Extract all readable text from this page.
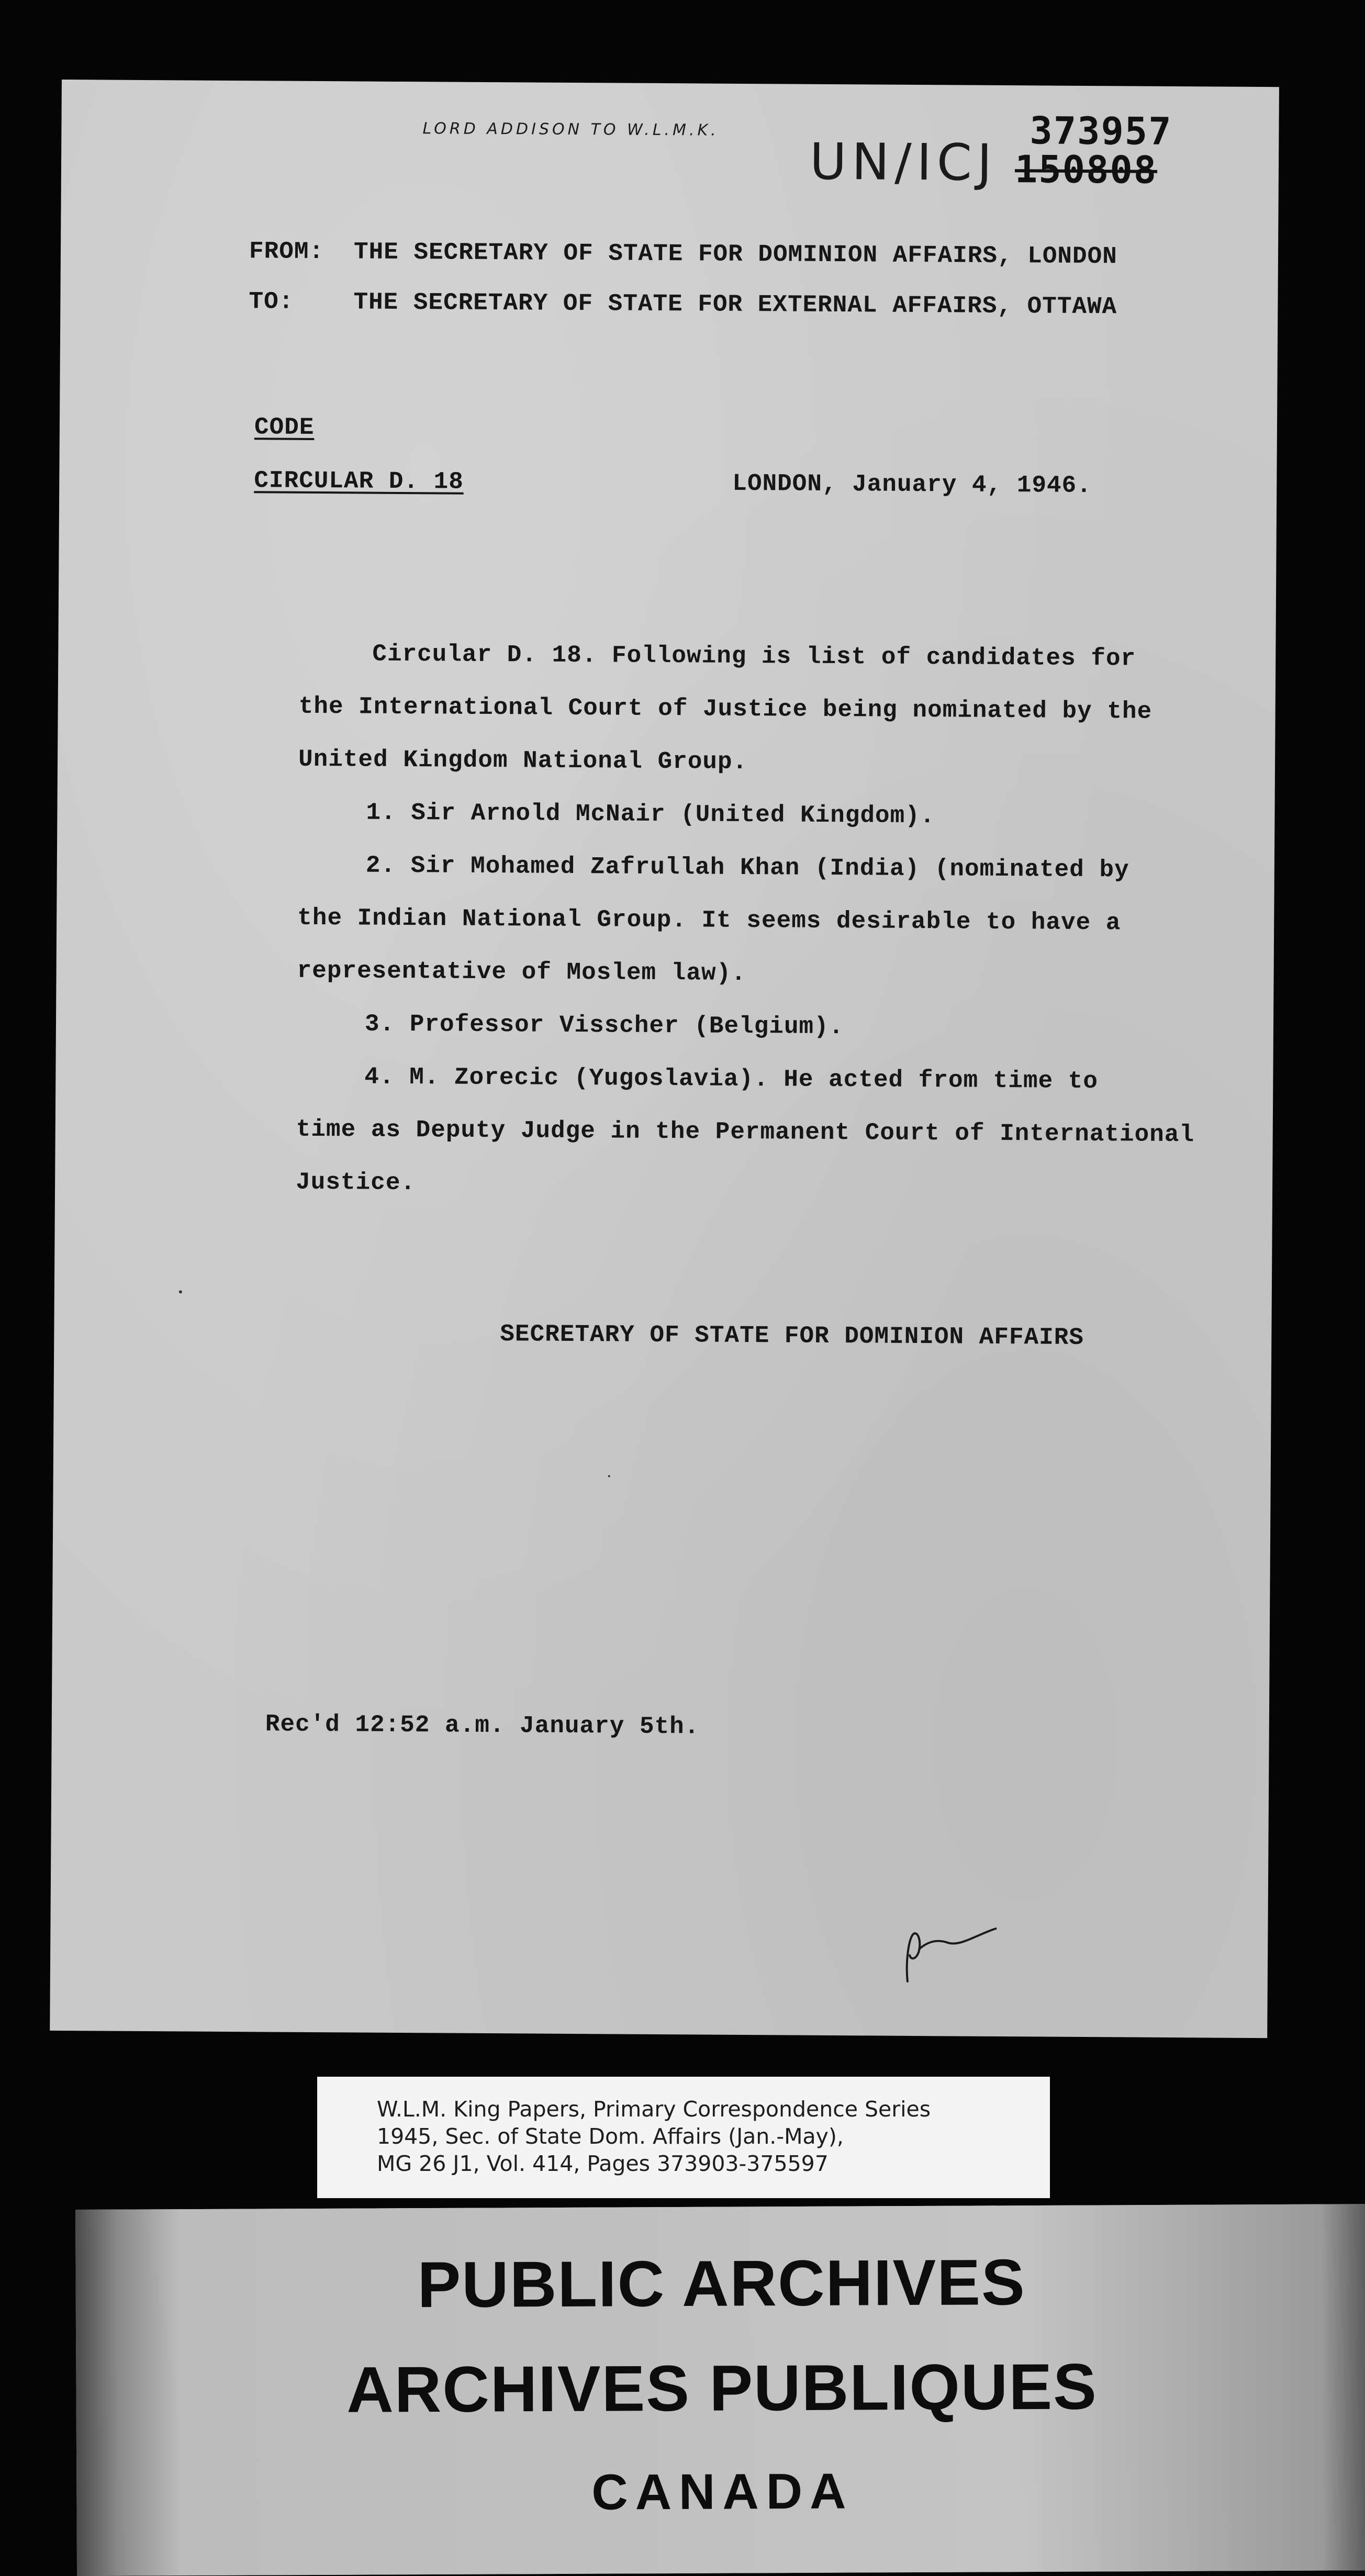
LORD ADDISON TO W.L.M.K.
UN/ICJ
373957
150808
FROM: THE SECRETARY OF STATE FOR DOMINION AFFAIRS, LONDON
TO: THE SECRETARY OF STATE FOR EXTERNAL AFFAIRS, OTTAWA
CODE
CIRCULAR D. 18	LONDON, January 4, 1946.
Circular D. 18. Following is list of candidates for
the International Court of Justice being nominated by the
United Kingdom National Group.
1. Sir Arnold McNair (United Kingdom).
2. Sir Mohamed Zafrullah Khan (India) (nominated by
the Indian National Group. It seems desirable to have a
representative of Moslem law).
3. Professor Visscher (Belgium).
4. M. Zorecic (Yugoslavia). He acted from time to
time as Deputy Judge in the Permanent Court of International
Justice.
SECRETARY OF STATE FOR DOMINION AFFAIRS
Rec'd 12:52 a.m. January 5th.
W.L.M. King Papers, Primary Correspondence Series
1945, Sec. of State Dom. Affairs (Jan.-May),
MG 26 J1, Vol. 414, Pages 373903-375597
PUBLIC ARCHIVES
ARCHIVES PUBLIQUES
CANADA
